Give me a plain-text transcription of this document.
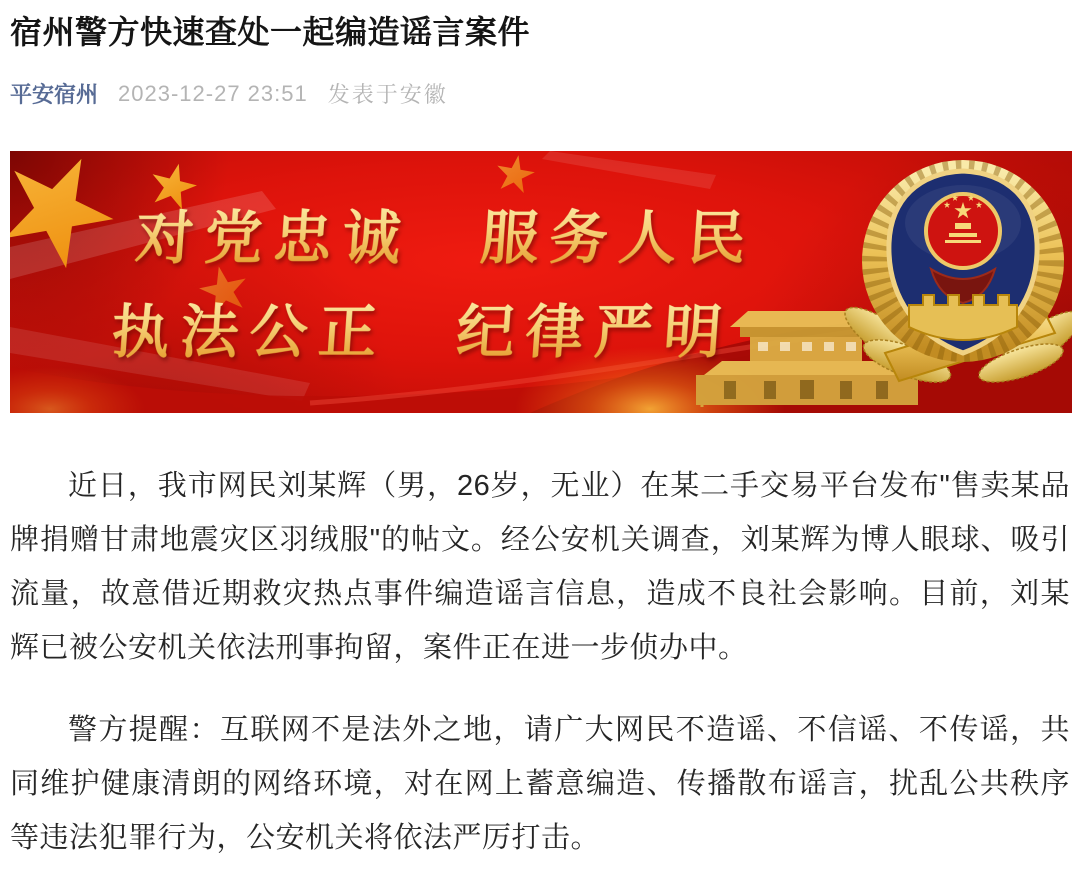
宿州警方快速查处一起编造谣言案件
平安宿州 2023-12-27 23:51 发表于安徽
对党忠诚　服务人民
执法公正　纪律严明

近日，我市网民刘某辉（男，26岁，无业）在某二手交易平台发布"售卖某品牌捐赠甘肃地震灾区羽绒服"的帖文。经公安机关调查，刘某辉为博人眼球、吸引流量，故意借近期救灾热点事件编造谣言信息，造成不良社会影响。目前，刘某辉已被公安机关依法刑事拘留，案件正在进一步侦办中。

警方提醒：互联网不是法外之地，请广大网民不造谣、不信谣、不传谣，共同维护健康清朗的网络环境，对在网上蓄意编造、传播散布谣言，扰乱公共秩序等违法犯罪行为，公安机关将依法严厉打击。
